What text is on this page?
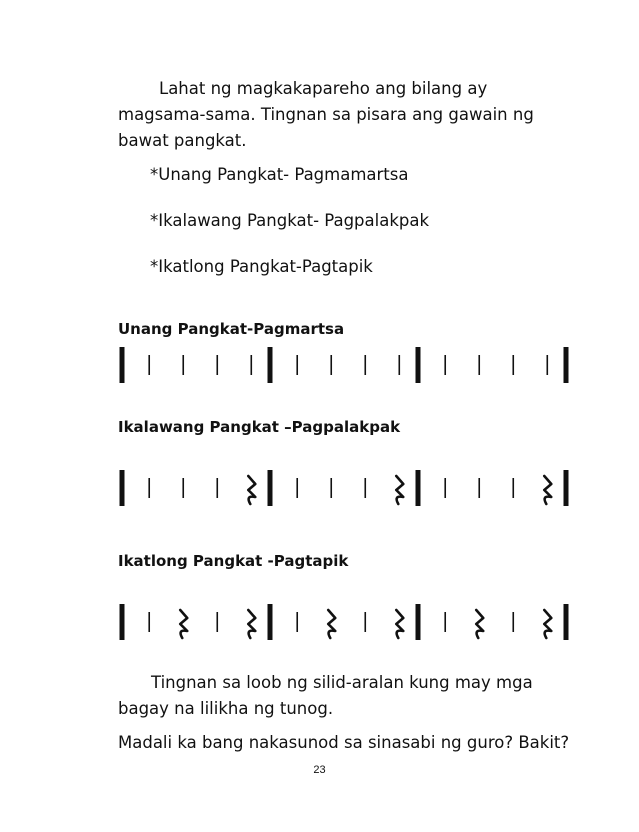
Lahat ng magkakapareho ang bilang ay
magsama-sama. Tingnan sa pisara ang gawain ng
bawat pangkat.
*Unang Pangkat- Pagmamartsa
*Ikalawang Pangkat- Pagpalakpak
*Ikatlong Pangkat-Pagtapik
Unang Pangkat-Pagmartsa
Ikalawang Pangkat –Pagpalakpak
Ikatlong Pangkat -Pagtapik
Tingnan sa loob ng silid-aralan kung may mga
bagay na lilikha ng tunog.
Madali ka bang nakasunod sa sinasabi ng guro? Bakit?
23
